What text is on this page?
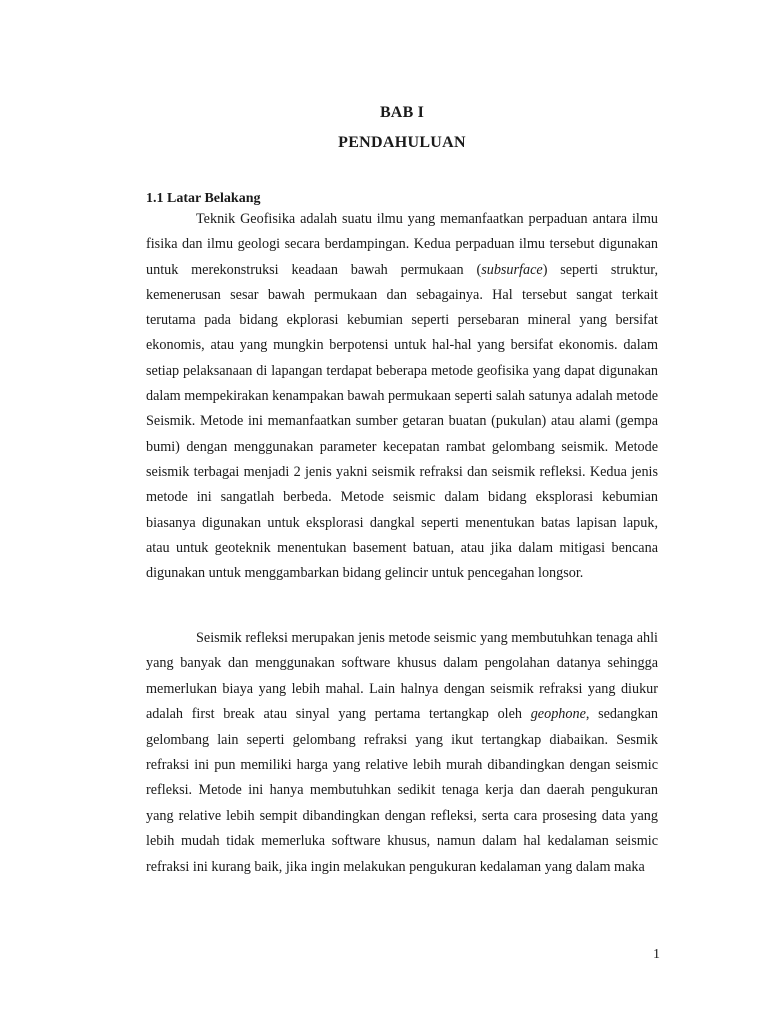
BAB I
PENDAHULUAN
1.1 Latar Belakang

Teknik Geofisika adalah suatu ilmu yang memanfaatkan perpaduan antara ilmu fisika dan ilmu geologi secara berdampingan. Kedua perpaduan ilmu tersebut digunakan untuk merekonstruksi keadaan bawah permukaan (subsurface) seperti struktur, kemenerusan sesar bawah permukaan dan sebagainya. Hal tersebut sangat terkait terutama pada bidang ekplorasi kebumian seperti persebaran mineral yang bersifat ekonomis, atau yang mungkin berpotensi untuk hal-hal yang bersifat ekonomis. dalam setiap pelaksanaan di lapangan terdapat beberapa metode geofisika yang dapat digunakan dalam mempekirakan kenampakan bawah permukaan seperti salah satunya adalah metode Seismik. Metode ini memanfaatkan sumber getaran buatan (pukulan) atau alami (gempa bumi) dengan menggunakan parameter kecepatan rambat gelombang seismik. Metode seismik terbagai menjadi 2 jenis yakni seismik refraksi dan seismik refleksi. Kedua jenis metode ini sangatlah berbeda. Metode seismic dalam bidang eksplorasi kebumian biasanya digunakan untuk eksplorasi dangkal seperti menentukan batas lapisan lapuk, atau untuk geoteknik menentukan basement batuan, atau jika dalam mitigasi bencana digunakan untuk menggambarkan bidang gelincir untuk pencegahan longsor.

Seismik refleksi merupakan jenis metode seismic yang membutuhkan tenaga ahli yang banyak dan menggunakan software khusus dalam pengolahan datanya sehingga memerlukan biaya yang lebih mahal. Lain halnya dengan seismik refraksi yang diukur adalah first break atau sinyal yang pertama tertangkap oleh geophone, sedangkan gelombang lain seperti gelombang refraksi yang ikut tertangkap diabaikan. Sesmik refraksi ini pun memiliki harga yang relative lebih murah dibandingkan dengan seismic refleksi. Metode ini hanya membutuhkan sedikit tenaga kerja dan daerah pengukuran yang relative lebih sempit dibandingkan dengan refleksi, serta cara prosesing data yang lebih mudah tidak memerluka software khusus, namun dalam hal kedalaman seismic refraksi ini kurang baik, jika ingin melakukan pengukuran kedalaman yang dalam maka

1
